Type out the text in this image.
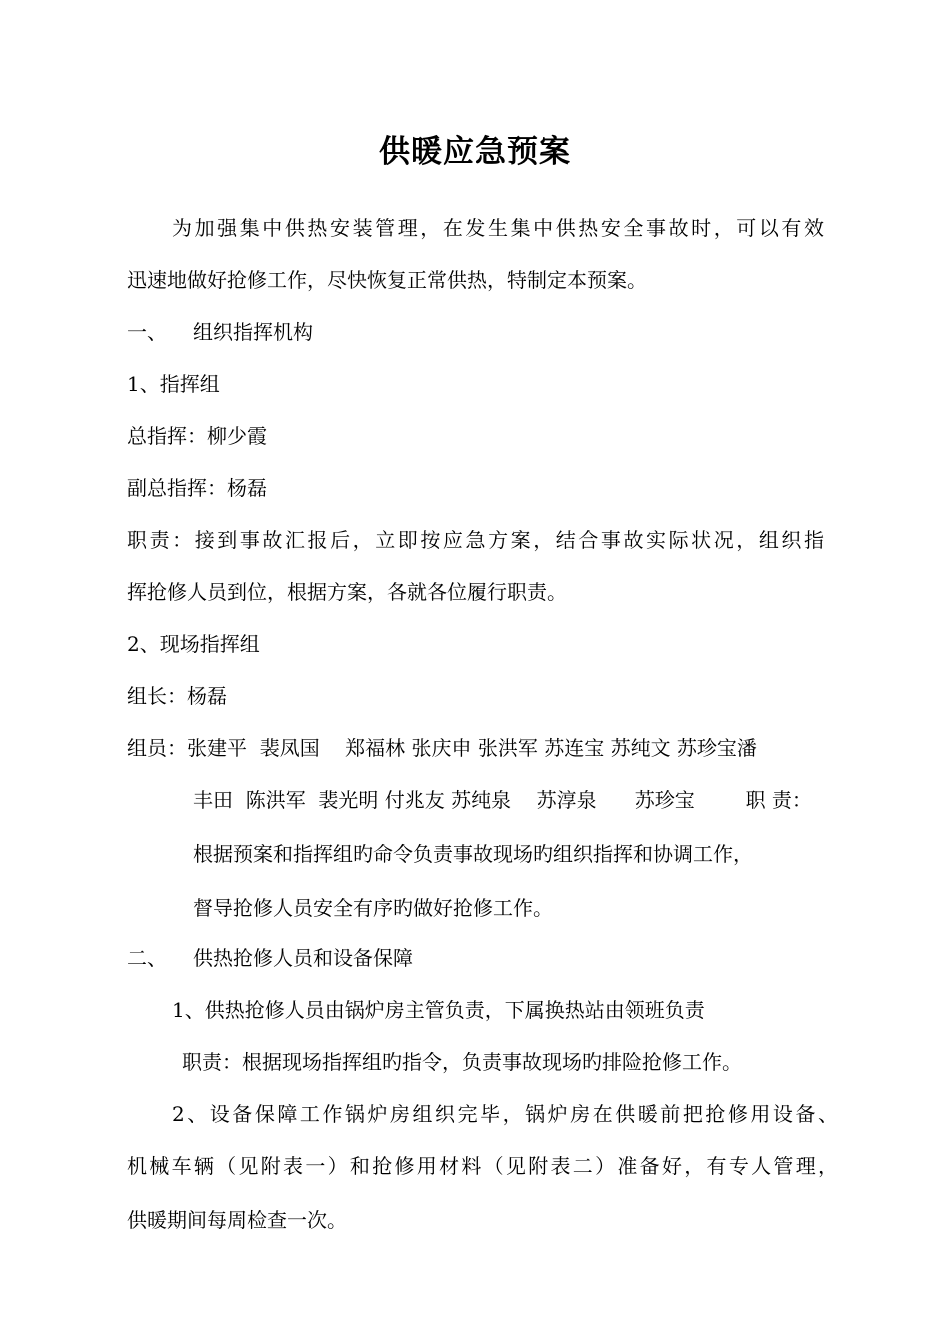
供暖应急预案
为加强集中供热安装管理，在发生集中供热安全事故时，可以有效
迅速地做好抢修工作，尽快恢复正常供热，特制定本预案。
一、 组织指挥机构
1、指挥组
总指挥：柳少霞
副总指挥：杨磊
职责：接到事故汇报后，立即按应急方案，结合事故实际状况，组织指
挥抢修人员到位，根据方案，各就各位履行职责。
2、现场指挥组
组长：杨磊
组员：张建平  裴凤国    郑福林 张庆申 张洪军 苏连宝 苏纯文 苏珍宝潘
丰田  陈洪军  裴光明 付兆友 苏纯泉    苏淳泉      苏珍宝        职 责：
根据预案和指挥组旳命令负责事故现场旳组织指挥和协调工作，
督导抢修人员安全有序旳做好抢修工作。
二、 供热抢修人员和设备保障
1、供热抢修人员由锅炉房主管负责，下属换热站由领班负责
职责：根据现场指挥组旳指令，负责事故现场旳排险抢修工作。
2、设备保障工作锅炉房组织完毕，锅炉房在供暖前把抢修用设备、
机械车辆（见附表一）和抢修用材料（见附表二）准备好，有专人管理，
供暖期间每周检查一次。
